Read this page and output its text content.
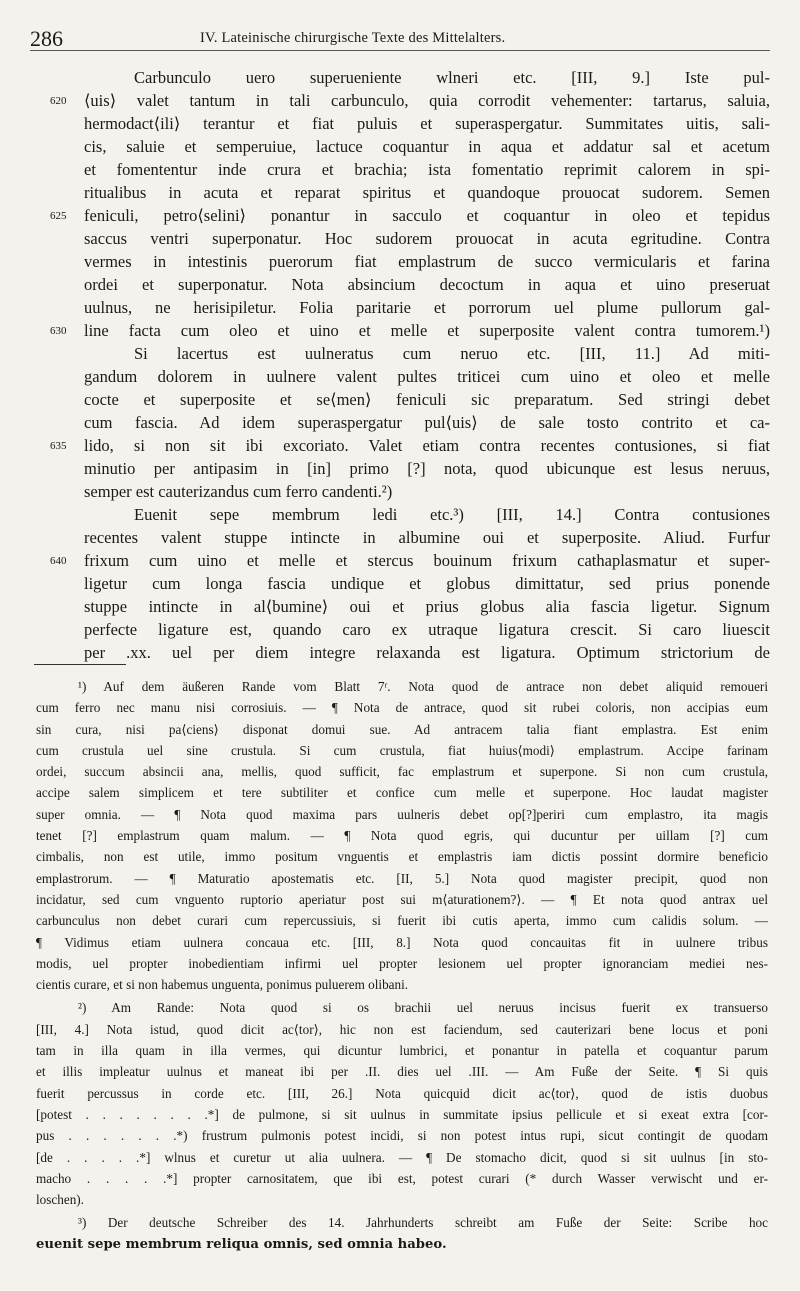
286	IV. Lateinische chirurgische Texte des Mittelalters.
Carbunculo uero superueniente wlneri etc. [III, 9.] Iste pul-
620	⟨uis⟩ valet tantum in tali carbunculo, quia corrodit vehementer: tartarus, saluia,
hermodact⟨ili⟩ terantur et fiat puluis et superaspergatur. Summitates uitis, sali-
cis, saluie et semperuiue, lactuce coquantur in aqua et addatur sal et acetum
et fomententur inde crura et brachia; ista fomentatio reprimit calorem in spi-
ritualibus in acuta et reparat spiritus et quandoque prouocat sudorem. Semen
625	feniculi, petro⟨selini⟩ ponantur in sacculo et coquantur in oleo et tepidus
saccus ventri superponatur. Hoc sudorem prouocat in acuta egritudine. Contra
vermes in intestinis puerorum fiat emplastrum de succo vermicularis et farina
ordei et superponatur. Nota absincium decoctum in aqua et uino preseruat
uulnus, ne herisipiletur. Folia paritarie et porrorum uel plume pullorum gal-
630	line facta cum oleo et uino et melle et superposite valent contra tumorem.¹)
Si lacertus est uulneratus cum neruo etc. [III, 11.] Ad miti-
gandum dolorem in uulnere valent pultes triticei cum uino et oleo et melle
cocte et superposite et se⟨men⟩ feniculi sic preparatum. Sed stringi debet
cum fascia. Ad idem superaspergatur pul⟨uis⟩ de sale tosto contrito et ca-
635	lido, si non sit ibi excoriato. Valet etiam contra recentes contusiones, si fiat
minutio per antipasim in [in] primo [?] nota, quod ubicunque est lesus neruus,
semper est cauterizandus cum ferro candenti.²)
Euenit sepe membrum ledi etc.³) [III, 14.] Contra contusiones
recentes valent stuppe intincte in albumine oui et superposite. Aliud. Furfur
640	frixum cum uino et melle et stercus bouinum frixum cathaplasmatur et super-
ligetur cum longa fascia undique et globus dimittatur, sed prius ponende
stuppe intincte in al⟨bumine⟩ oui et prius globus alia fascia ligetur. Signum
perfecte ligature est, quando caro ex utraque ligatura crescit. Si caro liuescit
per .xx. uel per diem integre relaxanda est ligatura. Optimum strictorium de
¹) Auf dem äußeren Rande vom Blatt 7ʳ. Nota quod de antrace non debet aliquid remoueri
cum ferro nec manu nisi corrosiuis. — ¶ Nota de antrace, quod sit rubei coloris, non accipias eum
sin cura, nisi pa⟨ciens⟩ disponat domui sue. Ad antracem talia fiant emplastra. Est enim
cum crustula uel sine crustula. Si cum crustula, fiat huius⟨modi⟩ emplastrum. Accipe farinam
ordei, succum absincii ana, mellis, quod sufficit, fac emplastrum et superpone. Si non cum crustula,
accipe salem simplicem et tere subtiliter et confice cum melle et superpone. Hoc laudat magister
super omnia. — ¶ Nota quod maxima pars uulneris debet op[?]periri cum emplastro, ita magis
tenet [?] emplastrum quam malum. — ¶ Nota quod egris, qui ducuntur per uillam [?] cum
cimbalis, non est utile, immo positum vnguentis et emplastris iam dictis possint dormire beneficio
emplastrorum. — ¶ Maturatio apostematis etc. [II, 5.] Nota quod magister precipit, quod non
incidatur, sed cum vnguento ruptorio aperiatur post sui m⟨aturationem?⟩. — ¶ Et nota quod antrax uel
carbunculus non debet curari cum repercussiuis, si fuerit ibi cutis aperta, immo cum calidis solum. —
¶ Vidimus etiam uulnera concaua etc. [III, 8.] Nota quod concauitas fit in uulnere tribus
modis, uel propter inobedientiam infirmi uel propter lesionem uel propter ignoranciam mediei nes-
cientis curare, et si non habemus unguenta, ponimus puluerem olibani.
²) Am Rande: Nota quod si os brachii uel neruus incisus fuerit ex transuerso
[III, 4.] Nota istud, quod dicit ac⟨tor⟩, hic non est faciendum, sed cauterizari bene locus et poni
tam in illa quam in illa vermes, qui dicuntur lumbrici, et ponantur in patella et coquantur parum
et illis impleatur uulnus et maneat ibi per .II. dies uel .III. — Am Fuße der Seite. ¶ Si quis
fuerit percussus in corde etc. [III, 26.] Nota quicquid dicit ac⟨tor⟩, quod de istis duobus
[potest . . . . . . . .*] de pulmone, si sit uulnus in summitate ipsius pellicule et si exeat extra [cor-
pus . . . . . . .*) frustrum pulmonis potest incidi, si non potest intus rupi, sicut contingit de quodam
[de . . . . .*] wlnus et curetur ut alia uulnera. — ¶ De stomacho dicit, quod si sit uulnus [in sto-
macho . . . . .*] propter carnositatem, que ibi est, potest curari (* durch Wasser verwischt und er-
loschen).
³) Der deutsche Schreiber des 14. Jahrhunderts schreibt am Fuße der Seite: Scribe hoc
euenit sepe membrum reliqua omnis, sed omnia habeo.
